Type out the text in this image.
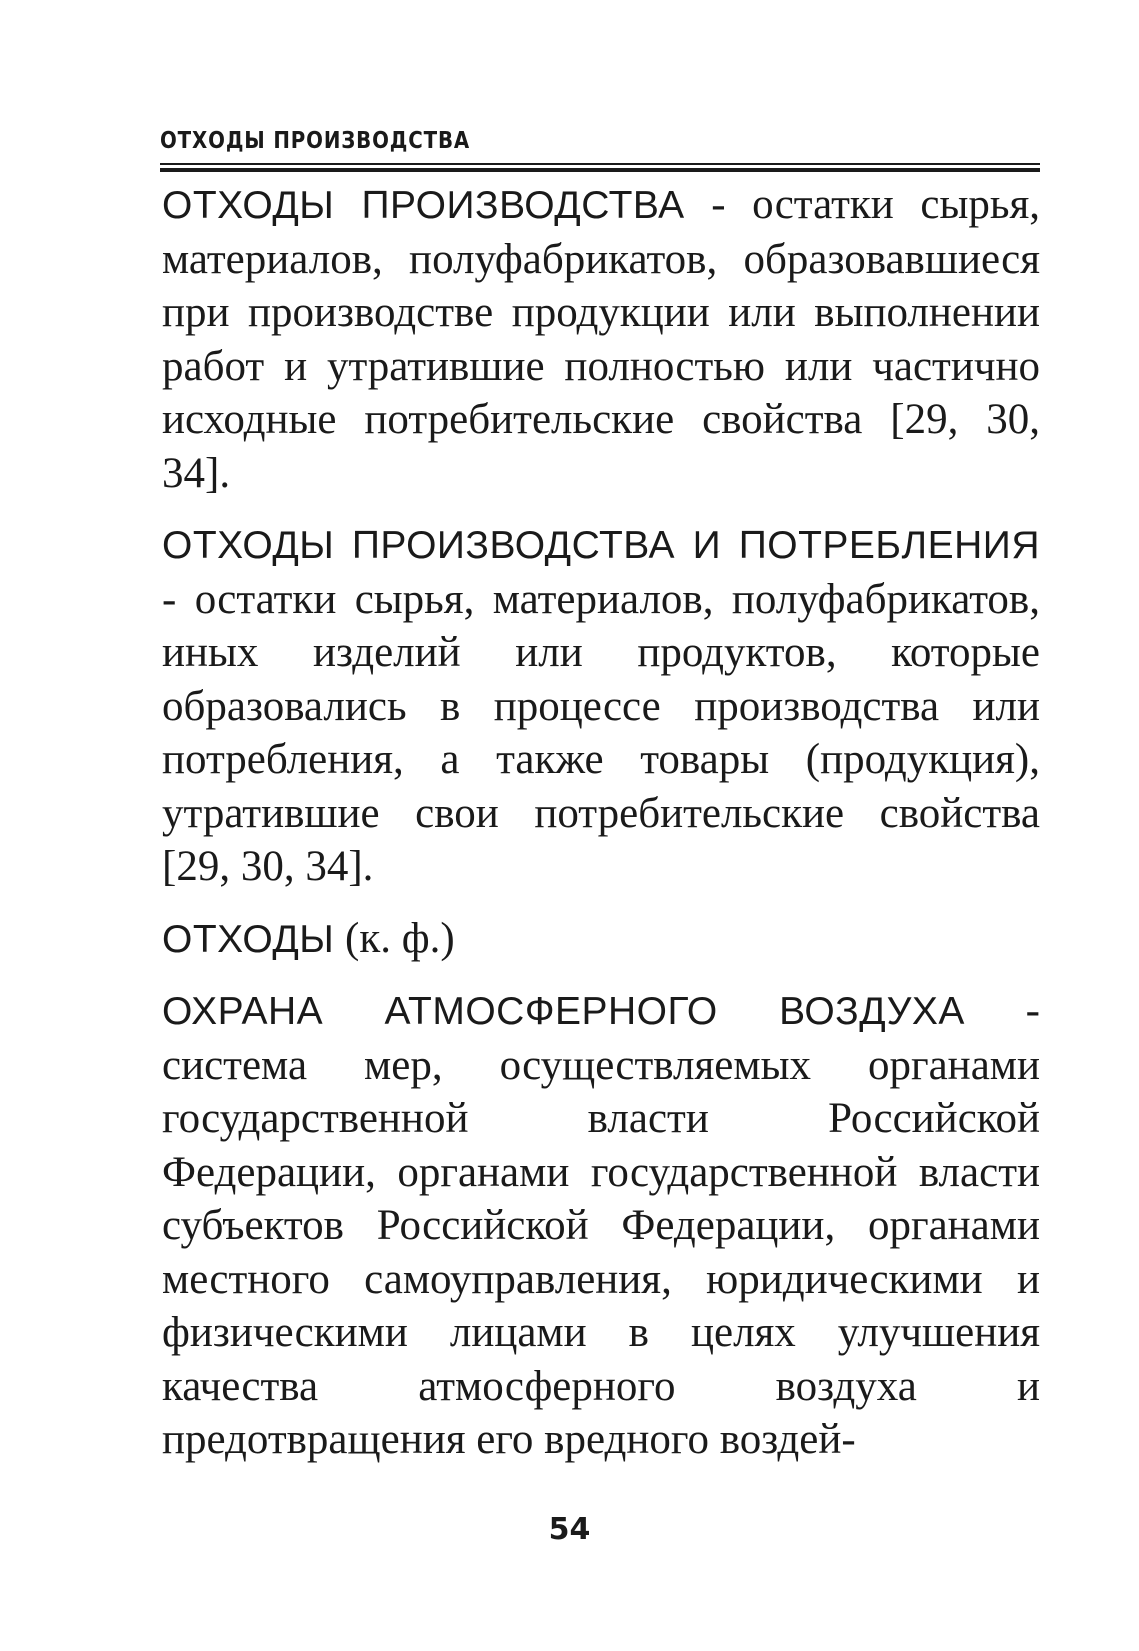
ОТХОДЫ ПРОИЗВОДСТВА

ОТХОДЫ ПРОИЗВОДСТВА - остатки сырья, материалов, полуфабрикатов, образовавшиеся при производстве продукции или выполнении работ и утратившие полностью или частично исходные потребительские свойства [29, 30, 34].

ОТХОДЫ ПРОИЗВОДСТВА И ПОТРЕБЛЕНИЯ - остатки сырья, материалов, полуфабрикатов, иных изделий или продуктов, которые образовались в процессе производства или потребления, а также товары (продукция), утратившие свои потребительские свойства [29, 30, 34].

ОТХОДЫ (к. ф.)

ОХРАНА АТМОСФЕРНОГО ВОЗДУХА - система мер, осуществляемых органами государственной власти Российской Федерации, органами государственной власти субъектов Российской Федерации, органами местного самоуправления, юридическими и физическими лицами в целях улучшения качества атмосферного воздуха и предотвращения его вредного воздей-

54
